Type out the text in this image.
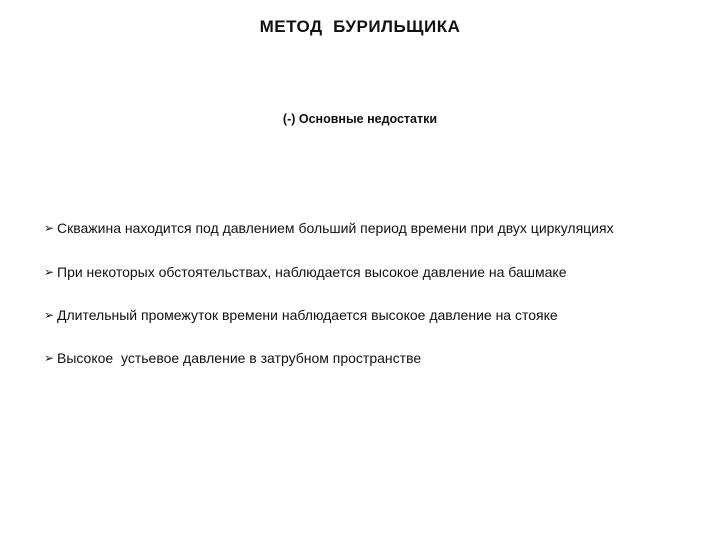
МЕТОД  БУРИЛЬЩИКА
(-) Основные недостатки
➢ Скважина находится под давлением больший период времени при двух циркуляциях
➢ При некоторых обстоятельствах, наблюдается высокое давление на башмаке
➢ Длительный промежуток времени наблюдается высокое давление на стояке
➢ Высокое  устьевое давление в затрубном пространстве
